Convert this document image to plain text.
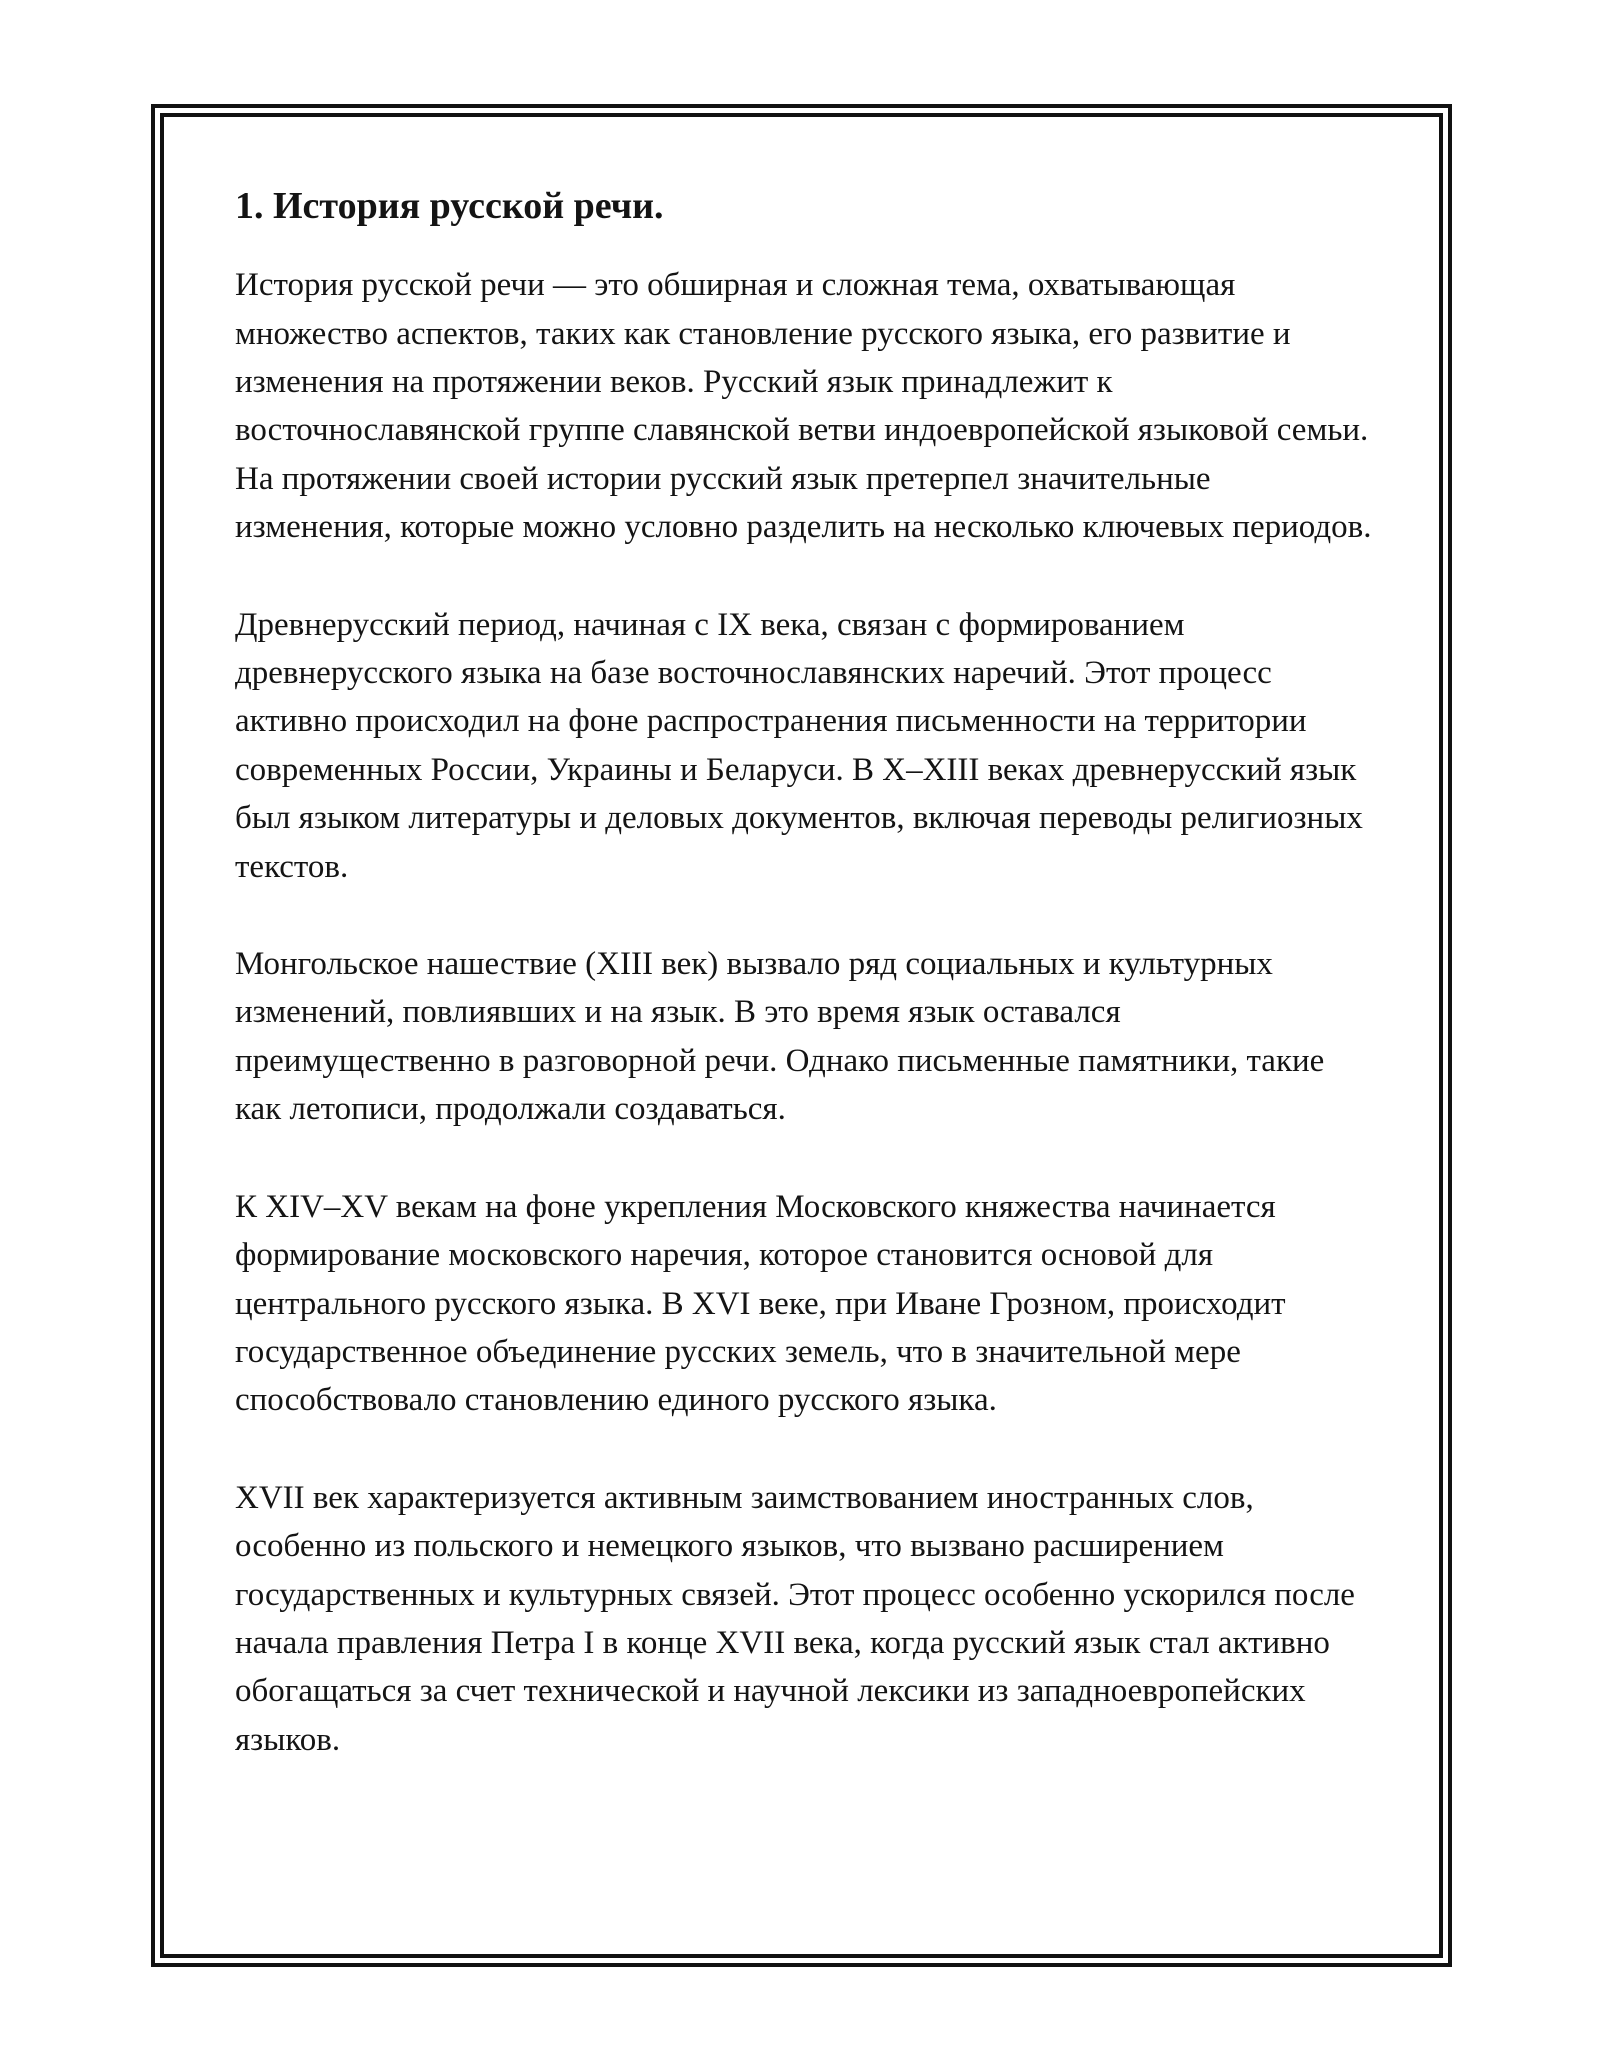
1. История русской речи.

История русской речи — это обширная и сложная тема, охватывающая множество аспектов, таких как становление русского языка, его развитие и изменения на протяжении веков. Русский язык принадлежит к восточнославянской группе славянской ветви индоевропейской языковой семьи. На протяжении своей истории русский язык претерпел значительные изменения, которые можно условно разделить на несколько ключевых периодов.

Древнерусский период, начиная с IX века, связан с формированием древнерусского языка на базе восточнославянских наречий. Этот процесс активно происходил на фоне распространения письменности на территории современных России, Украины и Беларуси. В X–XIII веках древнерусский язык был языком литературы и деловых документов, включая переводы религиозных текстов.

Монгольское нашествие (XIII век) вызвало ряд социальных и культурных изменений, повлиявших и на язык. В это время язык оставался преимущественно в разговорной речи. Однако письменные памятники, такие как летописи, продолжали создаваться.

К XIV–XV векам на фоне укрепления Московского княжества начинается формирование московского наречия, которое становится основой для центрального русского языка. В XVI веке, при Иване Грозном, происходит государственное объединение русских земель, что в значительной мере способствовало становлению единого русского языка.

XVII век характеризуется активным заимствованием иностранных слов, особенно из польского и немецкого языков, что вызвано расширением государственных и культурных связей. Этот процесс особенно ускорился после начала правления Петра I в конце XVII века, когда русский язык стал активно обогащаться за счет технической и научной лексики из западноевропейских языков.
